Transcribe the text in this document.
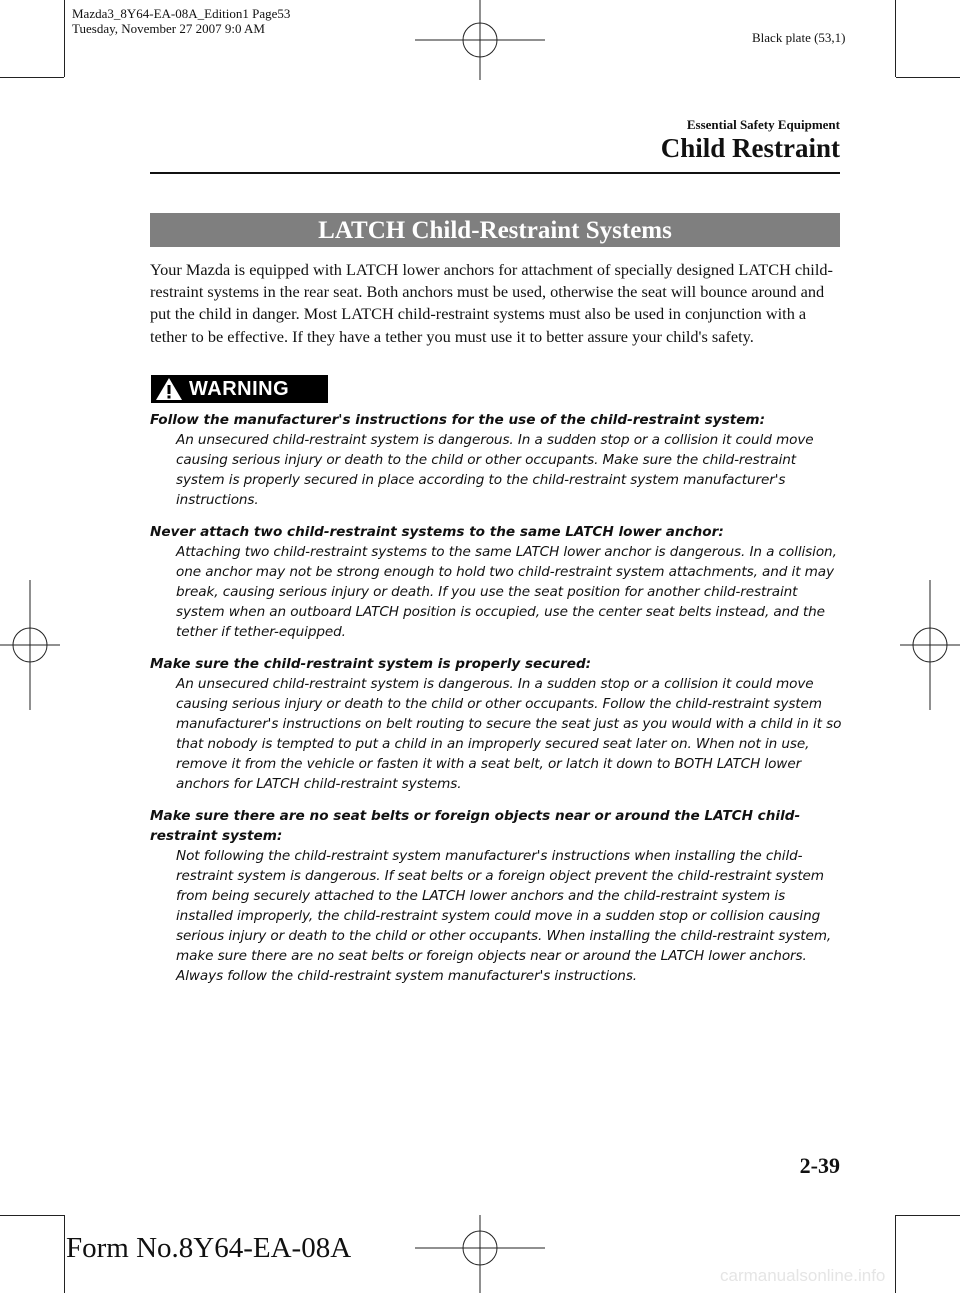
Mazda3_8Y64-EA-08A_Edition1 Page53
Tuesday, November 27 2007 9:0 AM
Black plate (53,1)
Essential Safety Equipment
Child Restraint
LATCH Child-Restraint Systems

Your Mazda is equipped with LATCH lower anchors for attachment of specially designed LATCH child-restraint systems in the rear seat. Both anchors must be used, otherwise the seat will bounce around and put the child in danger. Most LATCH child-restraint systems must also be used in conjunction with a tether to be effective. If they have a tether you must use it to better assure your child's safety.

WARNING
Follow the manufacturer's instructions for the use of the child-restraint system:
An unsecured child-restraint system is dangerous. In a sudden stop or a collision it could move causing serious injury or death to the child or other occupants. Make sure the child-restraint system is properly secured in place according to the child-restraint system manufacturer's instructions.
Never attach two child-restraint systems to the same LATCH lower anchor:
Attaching two child-restraint systems to the same LATCH lower anchor is dangerous. In a collision, one anchor may not be strong enough to hold two child-restraint system attachments, and it may break, causing serious injury or death. If you use the seat position for another child-restraint system when an outboard LATCH position is occupied, use the center seat belts instead, and the tether if tether-equipped.
Make sure the child-restraint system is properly secured:
An unsecured child-restraint system is dangerous. In a sudden stop or a collision it could move causing serious injury or death to the child or other occupants. Follow the child-restraint system manufacturer's instructions on belt routing to secure the seat just as you would with a child in it so that nobody is tempted to put a child in an improperly secured seat later on. When not in use, remove it from the vehicle or fasten it with a seat belt, or latch it down to BOTH LATCH lower anchors for LATCH child-restraint systems.
Make sure there are no seat belts or foreign objects near or around the LATCH child-restraint system:
Not following the child-restraint system manufacturer's instructions when installing the child-restraint system is dangerous. If seat belts or a foreign object prevent the child-restraint system from being securely attached to the LATCH lower anchors and the child-restraint system is installed improperly, the child-restraint system could move in a sudden stop or collision causing serious injury or death to the child or other occupants. When installing the child-restraint system, make sure there are no seat belts or foreign objects near or around the LATCH lower anchors. Always follow the child-restraint system manufacturer's instructions.
2-39
Form No.8Y64-EA-08A
carmanualsonline.info
